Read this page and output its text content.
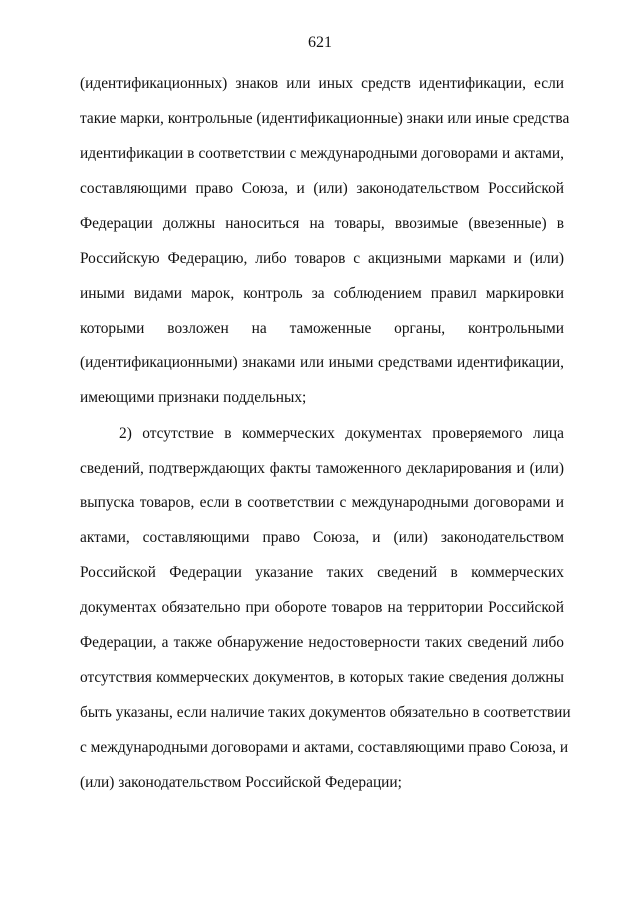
621
(идентификационных) знаков или иных средств идентификации, если
такие марки, контрольные (идентификационные) знаки или иные средства
идентификации в соответствии с международными договорами и актами,
составляющими право Союза, и (или) законодательством Российской
Федерации должны наноситься на товары, ввозимые (ввезенные) в
Российскую Федерацию, либо товаров с акцизными марками и (или)
иными видами марок, контроль за соблюдением правил маркировки
которыми возложен на таможенные органы, контрольными
(идентификационными) знаками или иными средствами идентификации,
имеющими признаки поддельных;
2) отсутствие в коммерческих документах проверяемого лица
сведений, подтверждающих факты таможенного декларирования и (или)
выпуска товаров, если в соответствии с международными договорами и
актами, составляющими право Союза, и (или) законодательством
Российской Федерации указание таких сведений в коммерческих
документах обязательно при обороте товаров на территории Российской
Федерации, а также обнаружение недостоверности таких сведений либо
отсутствия коммерческих документов, в которых такие сведения должны
быть указаны, если наличие таких документов обязательно в соответствии
с международными договорами и актами, составляющими право Союза, и
(или) законодательством Российской Федерации;
